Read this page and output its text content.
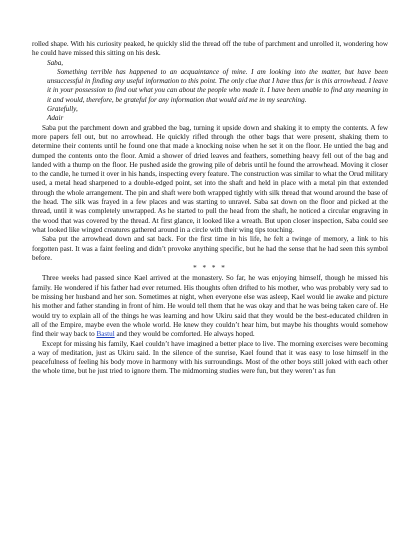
rolled shape. With his curiosity peaked, he quickly slid the thread off the tube of parchment and unrolled it, wondering how he could have missed this sitting on his desk.

Saba,

Something terrible has happened to an acquaintance of mine. I am looking into the matter, but have been unsuccessful in finding any useful information to this point. The only clue that I have thus far is this arrowhead. I leave it in your possession to find out what you can about the people who made it. I have been unable to find any meaning in it and would, therefore, be grateful for any information that would aid me in my searching.

Gratefully,

Adair

Saba put the parchment down and grabbed the bag, turning it upside down and shaking it to empty the contents. A few more papers fell out, but no arrowhead. He quickly rifled through the other bags that were present, shaking them to determine their contents until he found one that made a knocking noise when he set it on the floor. He untied the bag and dumped the contents onto the floor. Amid a shower of dried leaves and feathers, something heavy fell out of the bag and landed with a thump on the floor. He pushed aside the growing pile of debris until he found the arrowhead. Moving it closer to the candle, he turned it over in his hands, inspecting every feature. The construction was similar to what the Orud military used, a metal head sharpened to a double-edged point, set into the shaft and held in place with a metal pin that extended through the whole arrangement. The pin and shaft were both wrapped tightly with silk thread that wound around the base of the head. The silk was frayed in a few places and was starting to unravel. Saba sat down on the floor and picked at the thread, until it was completely unwrapped. As he started to pull the head from the shaft, he noticed a circular engraving in the wood that was covered by the thread. At first glance, it looked like a wreath. But upon closer inspection, Saba could see what looked like winged creatures gathered around in a circle with their wing tips touching.

Saba put the arrowhead down and sat back. For the first time in his life, he felt a twinge of memory, a link to his forgotten past. It was a faint feeling and didn’t provoke anything specific, but he had the sense that he had seen this symbol before.

* * * *

Three weeks had passed since Kael arrived at the monastery. So far, he was enjoying himself, though he missed his family. He wondered if his father had ever returned. His thoughts often drifted to his mother, who was probably very sad to be missing her husband and her son. Sometimes at night, when everyone else was asleep, Kael would lie awake and picture his mother and father standing in front of him. He would tell them that he was okay and that he was being taken care of. He would try to explain all of the things he was learning and how Ukiru said that they would be the best-educated children in all of the Empire, maybe even the whole world. He knew they couldn’t hear him, but maybe his thoughts would somehow find their way back to Bastul and they would be comforted. He always hoped.

Except for missing his family, Kael couldn’t have imagined a better place to live. The morning exercises were becoming a way of meditation, just as Ukiru said. In the silence of the sunrise, Kael found that it was easy to lose himself in the peacefulness of feeling his body move in harmony with his surroundings. Most of the other boys still joked with each other the whole time, but he just tried to ignore them. The midmorning studies were fun, but they weren’t as fun
